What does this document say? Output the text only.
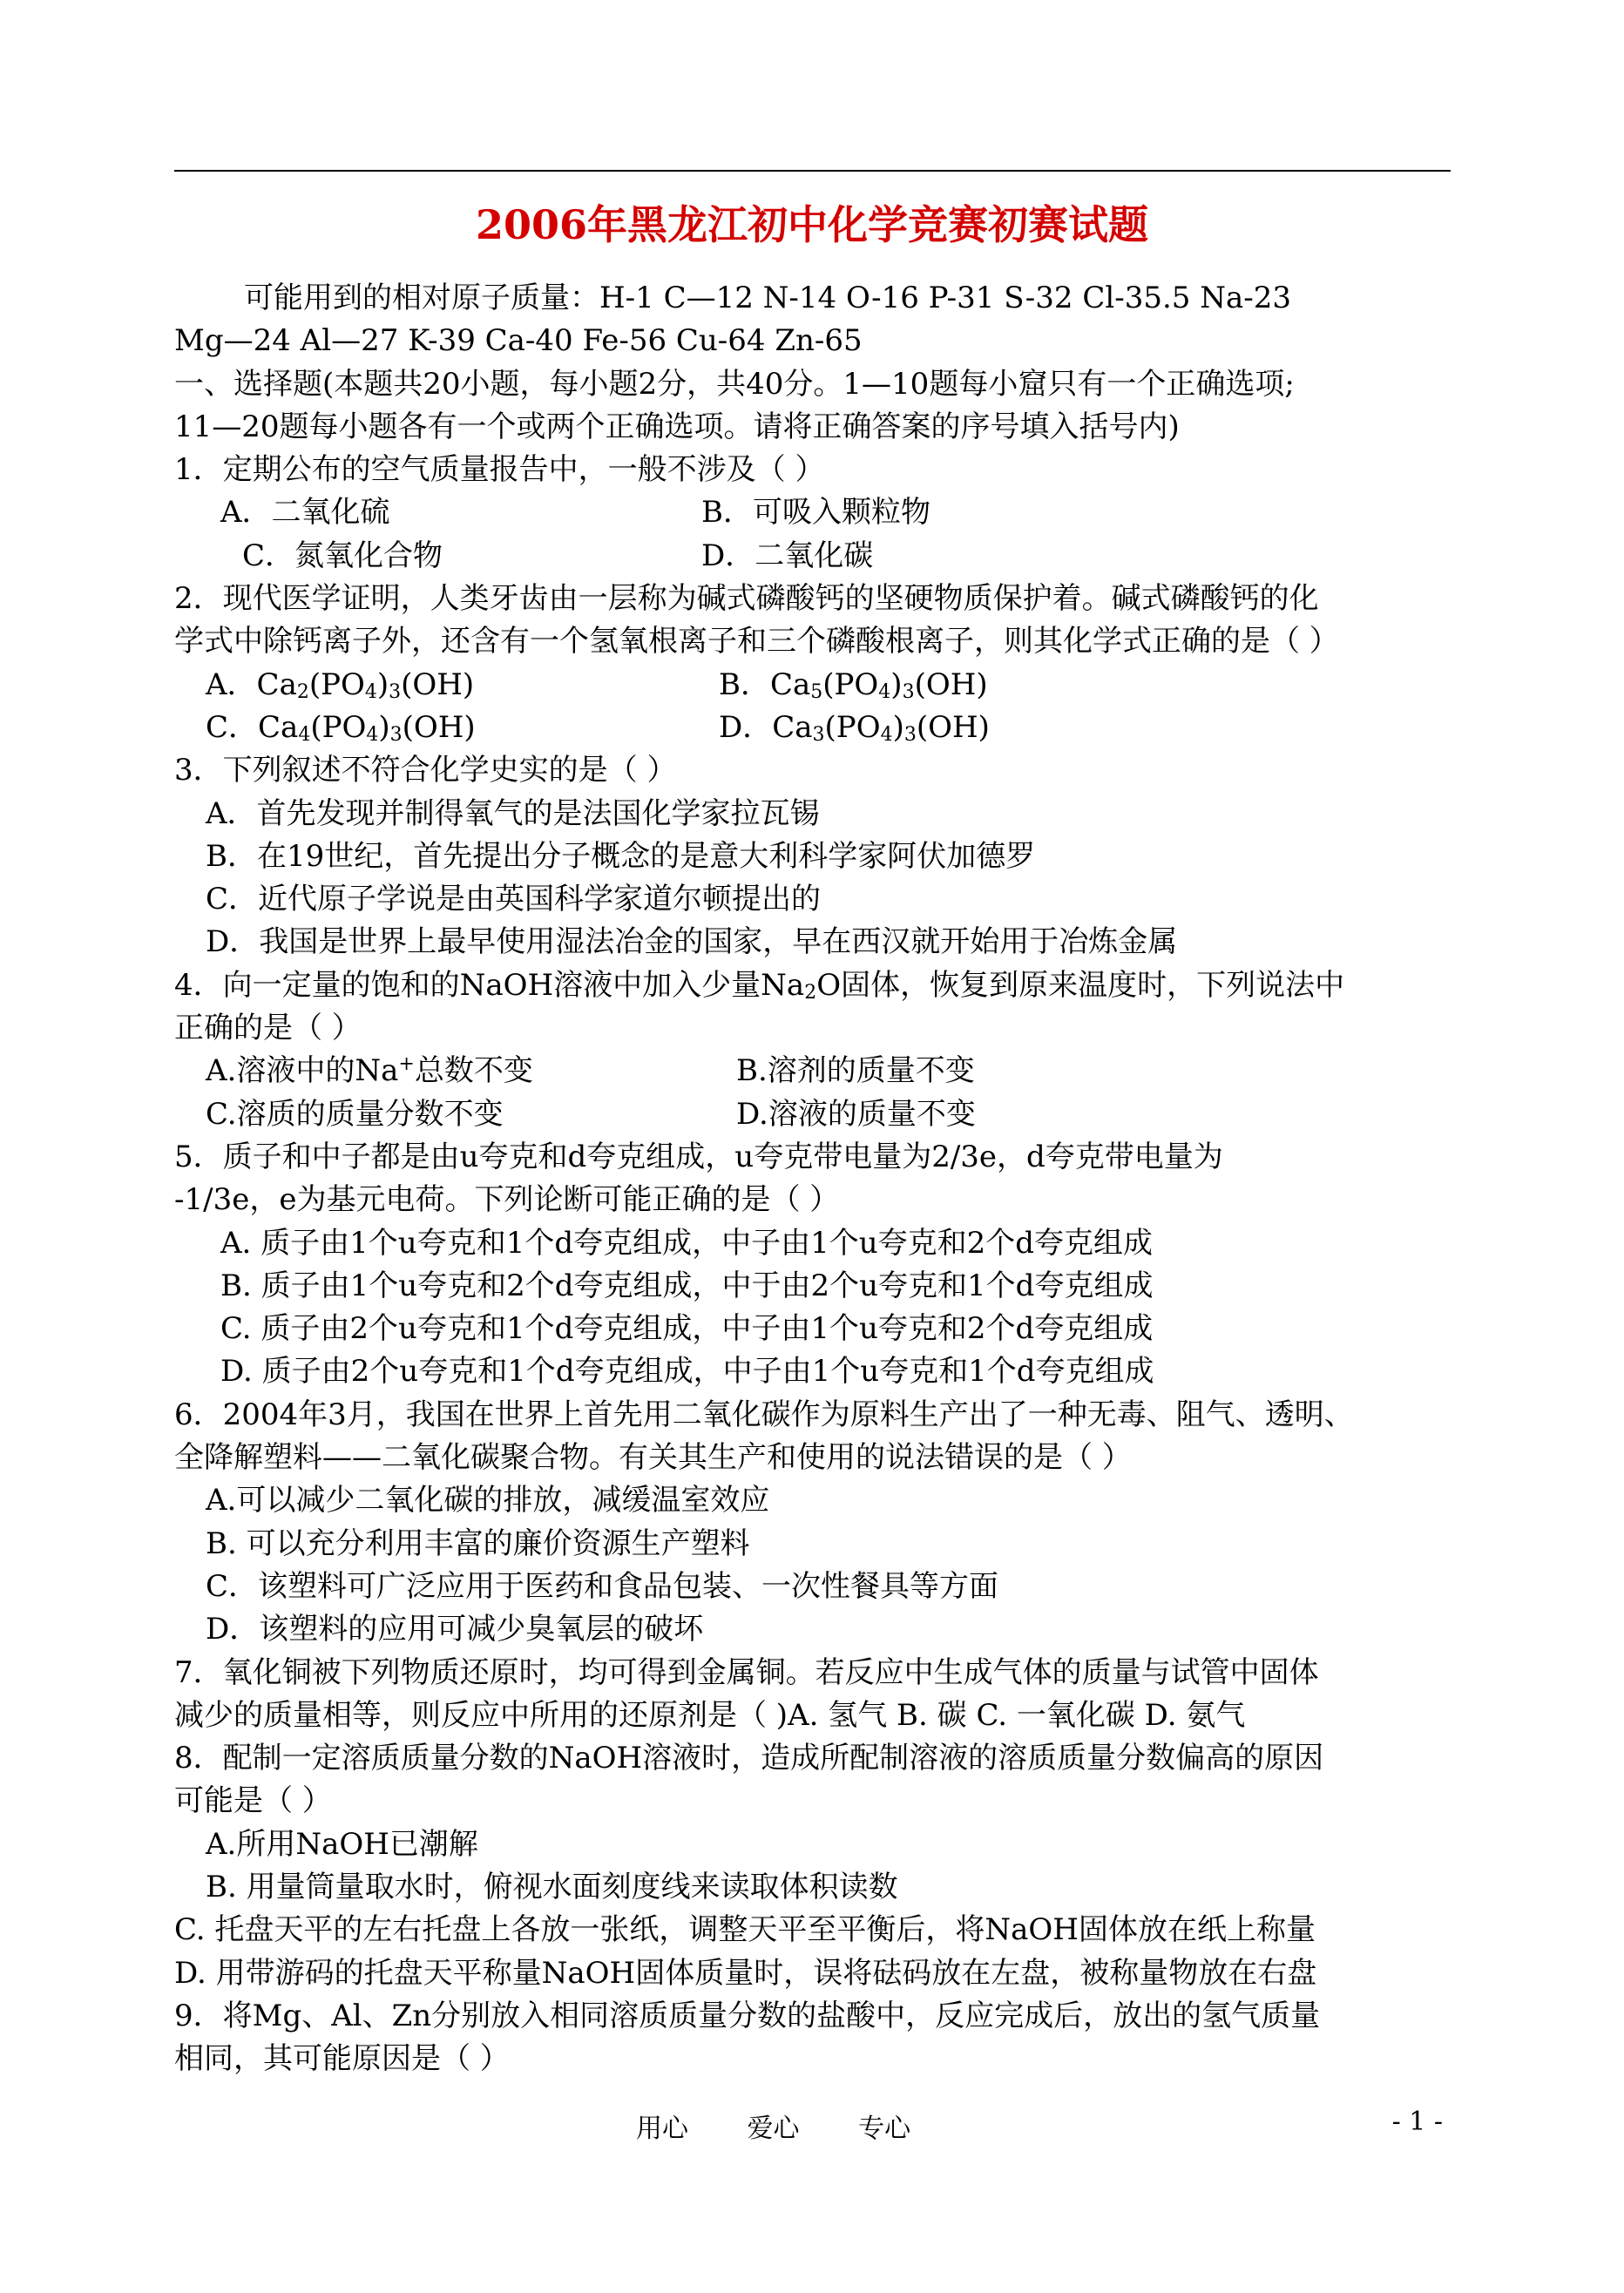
2006年黑龙江初中化学竞赛初赛试题
可能用到的相对原子质量：H-1 C—12 N-14 O-16 P-31 S-32 Cl-35.5 Na-23
Mg—24 Al—27 K-39 Ca-40 Fe-56 Cu-64 Zn-65
一、选择题(本题共20小题，每小题2分，共40分。1—10题每小窟只有一个正确选项;
11—20题每小题各有一个或两个正确选项。请将正确答案的序号填入括号内)
1．定期公布的空气质量报告中，一般不涉及（ ）
A．二氧化硫	B．可吸入颗粒物
C．氮氧化合物	D．二氧化碳
2．现代医学证明，人类牙齿由一层称为碱式磷酸钙的坚硬物质保护着。碱式磷酸钙的化
学式中除钙离子外，还含有一个氢氧根离子和三个磷酸根离子，则其化学式正确的是（ ）
A．$Ca_2(PO_4)_3(OH)$	B．$Ca_5(PO_4)_3(OH)$
C．$Ca_4(PO_4)_3(OH)$	D．$Ca_3(PO_4)_3(OH)$
3．下列叙述不符合化学史实的是（ ）
A．首先发现并制得氧气的是法国化学家拉瓦锡
B．在19世纪，首先提出分子概念的是意大利科学家阿伏加德罗
C．近代原子学说是由英国科学家道尔顿提出的
D．我国是世界上最早使用湿法冶金的国家，早在西汉就开始用于冶炼金属
4．向一定量的饱和的NaOH溶液中加入少量$Na_2O$固体，恢复到原来温度时，下列说法中
正确的是（ ）
A.溶液中的Na+总数不变	B.溶剂的质量不变
C.溶质的质量分数不变	D.溶液的质量不变
5．质子和中子都是由u夸克和d夸克组成，u夸克带电量为2/3e，d夸克带电量为
-1/3e，e为基元电荷。下列论断可能正确的是（ ）
A. 质子由1个u夸克和1个d夸克组成，中子由1个u夸克和2个d夸克组成
B. 质子由1个u夸克和2个d夸克组成，中于由2个u夸克和1个d夸克组成
C. 质子由2个u夸克和1个d夸克组成，中子由1个u夸克和2个d夸克组成
D. 质子由2个u夸克和1个d夸克组成，中子由1个u夸克和1个d夸克组成
6．2004年3月，我国在世界上首先用二氧化碳作为原料生产出了一种无毒、阻气、透明、
全降解塑料——二氧化碳聚合物。有关其生产和使用的说法错误的是（ ）
A.可以减少二氧化碳的排放，减缓温室效应
B. 可以充分利用丰富的廉价资源生产塑料
C．该塑料可广泛应用于医药和食品包装、一次性餐具等方面
D．该塑料的应用可减少臭氧层的破坏
7．氧化铜被下列物质还原时，均可得到金属铜。若反应中生成气体的质量与试管中固体
减少的质量相等，则反应中所用的还原剂是（ )A. 氢气 B. 碳 C. 一氧化碳 D. 氨气
8．配制一定溶质质量分数的NaOH溶液时，造成所配制溶液的溶质质量分数偏高的原因
可能是（ ）
A.所用NaOH已潮解
B. 用量筒量取水时，俯视水面刻度线来读取体积读数
C. 托盘天平的左右托盘上各放一张纸，调整天平至平衡后，将NaOH固体放在纸上称量
D. 用带游码的托盘天平称量NaOH固体质量时，误将砝码放在左盘，被称量物放在右盘
9．将Mg、Al、Zn分别放入相同溶质质量分数的盐酸中，反应完成后，放出的氢气质量
相同，其可能原因是（ ）
用心 爱心 专心	- 1 -
